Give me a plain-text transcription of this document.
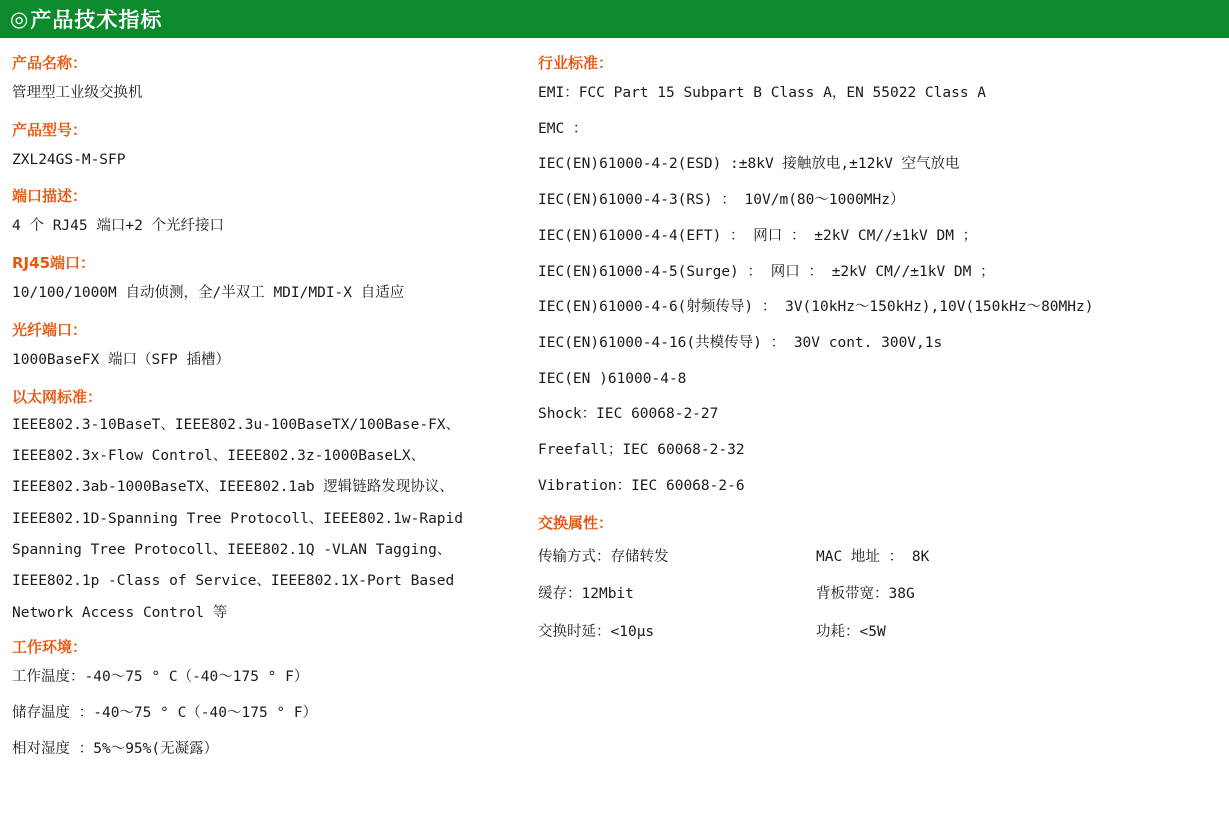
◎ 产品技术指标
产品名称：
管理型工业级交换机
产品型号：
ZXL24GS-M-SFP
端口描述：
4 个 RJ45 端口+2 个光纤接口
RJ45端口：
10/100/1000M 自动侦测，全/半双工 MDI/MDI-X 自适应
光纤端口：
1000BaseFX 端口（SFP 插槽）
以太网标准：
IEEE802.3-10BaseT、IEEE802.3u-100BaseTX/100Base-FX、
IEEE802.3x-Flow Control、IEEE802.3z-1000BaseLX、
IEEE802.3ab-1000BaseTX、IEEE802.1ab 逻辑链路发现协议、
IEEE802.1D-Spanning Tree Protocoll、IEEE802.1w-Rapid
Spanning Tree Protocoll、IEEE802.1Q -VLAN Tagging、
IEEE802.1p -Class of Service、IEEE802.1X-Port Based
Network Access Control 等
工作环境：
工作温度：-40～75 ° C（-40～175 ° F）
储存温度 ：-40～75 ° C（-40～175 ° F）
相对湿度 ：5%～95%(无凝露）
行业标准：
EMI：FCC Part 15 Subpart B Class A，EN 55022 Class A
EMC ：
IEC(EN)61000-4-2(ESD) :±8kV 接触放电,±12kV 空气放电
IEC(EN)61000-4-3(RS) ： 10V/m(80～1000MHz）
IEC(EN)61000-4-4(EFT) ： 网口 ： ±2kV CM//±1kV DM ；
IEC(EN)61000-4-5(Surge) ： 网口 ： ±2kV CM//±1kV DM ；
IEC(EN)61000-4-6(射频传导) ： 3V(10kHz～150kHz),10V(150kHz～80MHz)
IEC(EN)61000-4-16(共模传导) ： 30V cont. 300V,1s
IEC(EN )61000-4-8
Shock：IEC 60068-2-27
Freefall；IEC 60068-2-32
Vibration：IEC 60068-2-6
交换属性：
传输方式：存储转发	MAC 地址 ： 8K
缓存：12Mbit	背板带宽：38G
交换时延：<10μs	功耗：<5W
